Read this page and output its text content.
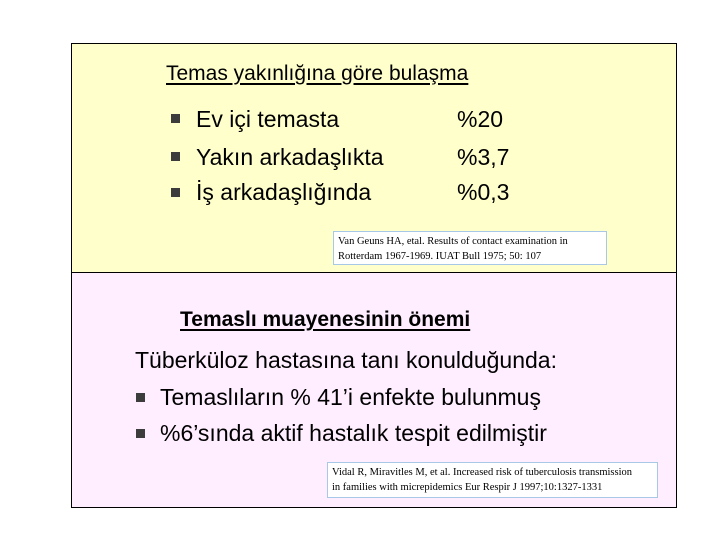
Temas yakınlığına göre bulaşma
Ev içi temasta	%20
Yakın arkadaşlıkta	%3,7
İş arkadaşlığında	%0,3
Van Geuns HA, etal. Results of contact examination in
Rotterdam 1967-1969. IUAT Bull 1975; 50: 107
Temaslı muayenesinin önemi
Tüberküloz hastasına tanı konulduğunda:
Temaslıların % 41’i enfekte bulunmuş
%6’sında aktif hastalık tespit edilmiştir
Vidal R, Miravitles M, et al. Increased risk of tuberculosis transmission
in families with micrepidemics Eur Respir J 1997;10:1327-1331
